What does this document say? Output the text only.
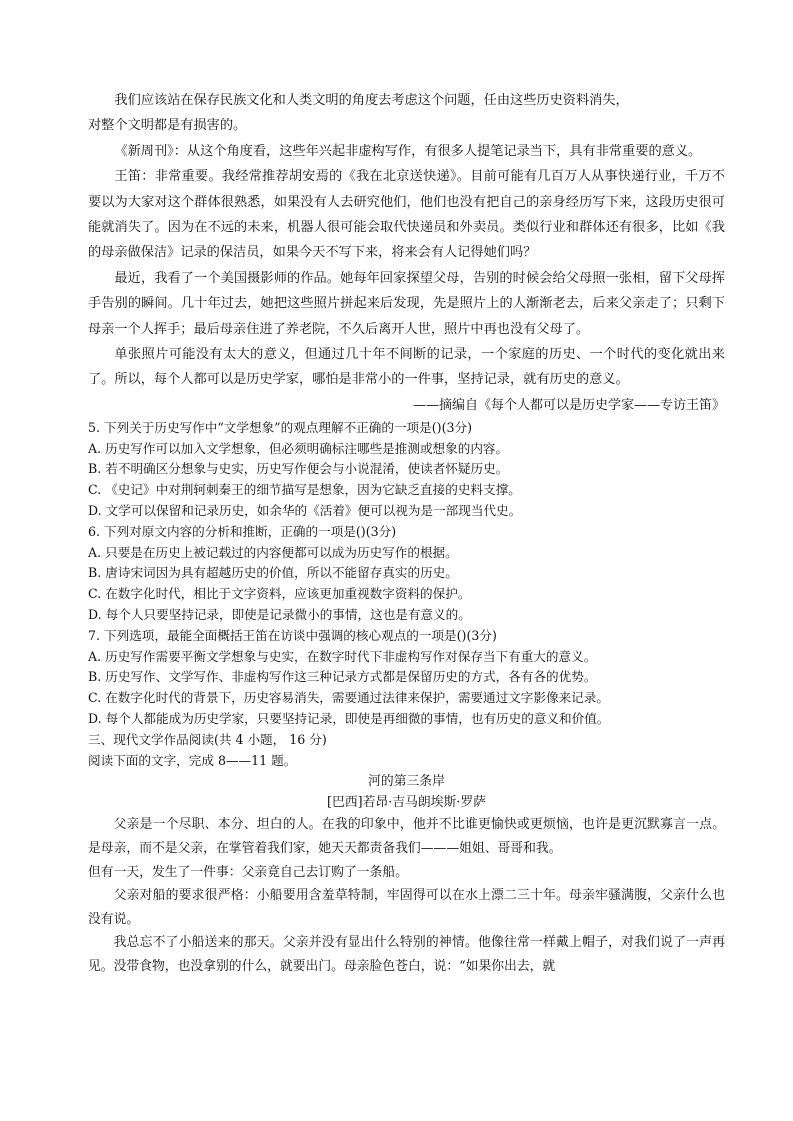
我们应该站在保存民族文化和人类文明的角度去考虑这个问题，任由这些历史资料消失，

对整个文明都是有损害的。

《新周刊》：从这个角度看，这些年兴起非虚构写作，有很多人提笔记录当下，具有非常重要的意义。

王笛：非常重要。我经常推荐胡安焉的《我在北京送快递》。目前可能有几百万人从事快递行业，千万不要以为大家对这个群体很熟悉，如果没有人去研究他们，他们也没有把自己的亲身经历写下来，这段历史很可能就消失了。因为在不远的未来，机器人很可能会取代快递员和外卖员。类似行业和群体还有很多，比如《我的母亲做保洁》记录的保洁员，如果今天不写下来，将来会有人记得她们吗？

最近，我看了一个美国摄影师的作品。她每年回家探望父母，告别的时候会给父母照一张相，留下父母挥手告别的瞬间。几十年过去，她把这些照片拼起来后发现，先是照片上的人渐渐老去，后来父亲走了；只剩下母亲一个人挥手；最后母亲住进了养老院，不久后离开人世，照片中再也没有父母了。

单张照片可能没有太大的意义，但通过几十年不间断的记录，一个家庭的历史、一个时代的变化就出来了。所以，每个人都可以是历史学家，哪怕是非常小的一件事，坚持记录，就有历史的意义。

——摘编自《每个人都可以是历史学家——专访王笛》

5. 下列关于历史写作中“文学想象”的观点理解不正确的一项是()(3分)

A. 历史写作可以加入文学想象，但必须明确标注哪些是推测或想象的内容。

B. 若不明确区分想象与史实，历史写作便会与小说混淆，使读者怀疑历史。

C. 《史记》中对荆轲刺秦王的细节描写是想象，因为它缺乏直接的史料支撑。

D. 文学可以保留和记录历史，如余华的《活着》便可以视为是一部现当代史。

6. 下列对原文内容的分析和推断，正确的一项是()(3分)

A. 只要是在历史上被记载过的内容便都可以成为历史写作的根据。

B. 唐诗宋词因为具有超越历史的价值，所以不能留存真实的历史。

C. 在数字化时代，相比于文字资料，应该更加重视数字资料的保护。

D. 每个人只要坚持记录，即使是记录微小的事情，这也是有意义的。

7. 下列选项，最能全面概括王笛在访谈中强调的核心观点的一项是()(3分)

A. 历史写作需要平衡文学想象与史实，在数字时代下非虚构写作对保存当下有重大的意义。

B. 历史写作、文学写作、非虚构写作这三种记录方式都是保留历史的方式，各有各的优势。

C. 在数字化时代的背景下，历史容易消失，需要通过法律来保护，需要通过文字影像来记录。

D. 每个人都能成为历史学家，只要坚持记录，即使是再细微的事情，也有历史的意义和价值。

三、现代文学作品阅读(共 4 小题， 16 分)

阅读下面的文字，完成 8——11 题。

河的第三条岸

[巴西]若昂·吉马朗埃斯·罗萨

父亲是一个尽职、本分、坦白的人。在我的印象中，他并不比谁更愉快或更烦恼，也许是更沉默寡言一点。是母亲，而不是父亲，在掌管着我们家，她天天都责备我们———姐姐、哥哥和我。

但有一天，发生了一件事：父亲竟自己去订购了一条船。

父亲对船的要求很严格：小船要用含羞草特制，牢固得可以在水上漂二三十年。母亲牢骚满腹，父亲什么也没有说。

我总忘不了小船送来的那天。父亲并没有显出什么特别的神情。他像往常一样戴上帽子，对我们说了一声再见。没带食物，也没拿别的什么，就要出门。母亲脸色苍白，说：“如果你出去，就
